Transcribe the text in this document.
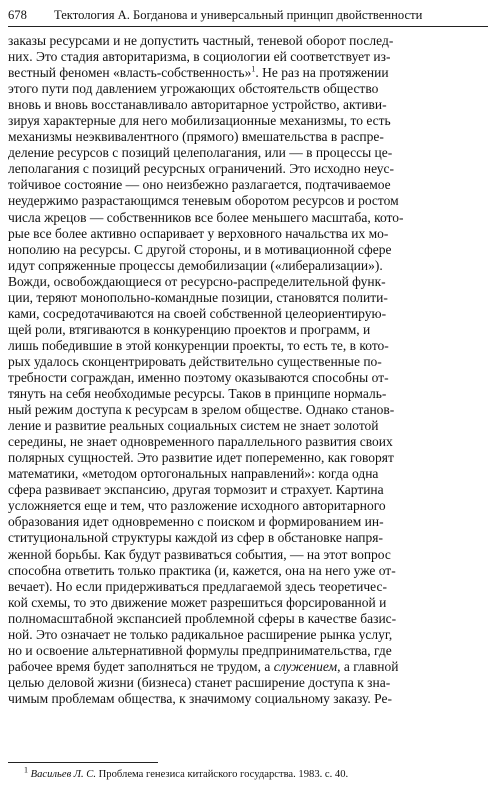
678 Тектология А. Богданова и универсальный принцип двойственности
заказы ресурсами и не допустить частный, теневой оборот послед-
них. Это стадия авторитаризма, в социологии ей соответствует из-
вестный феномен «власть-собственность»$^1$. Не раз на протяжении
этого пути под давлением угрожающих обстоятельств общество
вновь и вновь восстанавливало авторитарное устройство, активи-
зируя характерные для него мобилизационные механизмы, то есть
механизмы неэквивалентного (прямого) вмешательства в распре-
деление ресурсов с позиций целеполагания, или — в процессы це-
леполагания с позиций ресурсных ограничений. Это исходно неус-
тойчивое состояние — оно неизбежно разлагается, подтачиваемое
неудержимо разрастающимся теневым оборотом ресурсов и ростом
числа жрецов — собственников все более меньшего масштаба, кото-
рые все более активно оспаривает у верховного начальства их мо-
нополию на ресурсы. С другой стороны, и в мотивационной сфере
идут сопряженные процессы демобилизации («либерализации»).
Вожди, освобождающиеся от ресурсно-распределительной функ-
ции, теряют монопольно-командные позиции, становятся полити-
ками, сосредотачиваются на своей собственной целеориентирую-
щей роли, втягиваются в конкуренцию проектов и программ, и
лишь победившие в этой конкуренции проекты, то есть те, в кото-
рых удалось сконцентрировать действительно существенные по-
требности сограждан, именно поэтому оказываются способны от-
тянуть на себя необходимые ресурсы. Таков в принципе нормаль-
ный режим доступа к ресурсам в зрелом обществе. Однако станов-
ление и развитие реальных социальных систем не знает золотой
середины, не знает одновременного параллельного развития своих
полярных сущностей. Это развитие идет попеременно, как говорят
математики, «методом ортогональных направлений»: когда одна
сфера развивает экспансию, другая тормозит и страхует. Картина
усложняется еще и тем, что разложение исходного авторитарного
образования идет одновременно с поиском и формированием ин-
ституциональной структуры каждой из сфер в обстановке напря-
женной борьбы. Как будут развиваться события, — на этот вопрос
способна ответить только практика (и, кажется, она на него уже от-
вечает). Но если придерживаться предлагаемой здесь теоретичес-
кой схемы, то это движение может разрешиться форсированной и
полномасштабной экспансией проблемной сферы в качестве базис-
ной. Это означает не только радикальное расширение рынка услуг,
но и освоение альтернативной формулы предпринимательства, где
рабочее время будет заполняться не трудом, а служением, а главной
целью деловой жизни (бизнеса) станет расширение доступа к зна-
чимым проблемам общества, к значимому социальному заказу. Ре-
$^1$ Васильев Л. С. Проблема генезиса китайского государства. 1983. с. 40.
